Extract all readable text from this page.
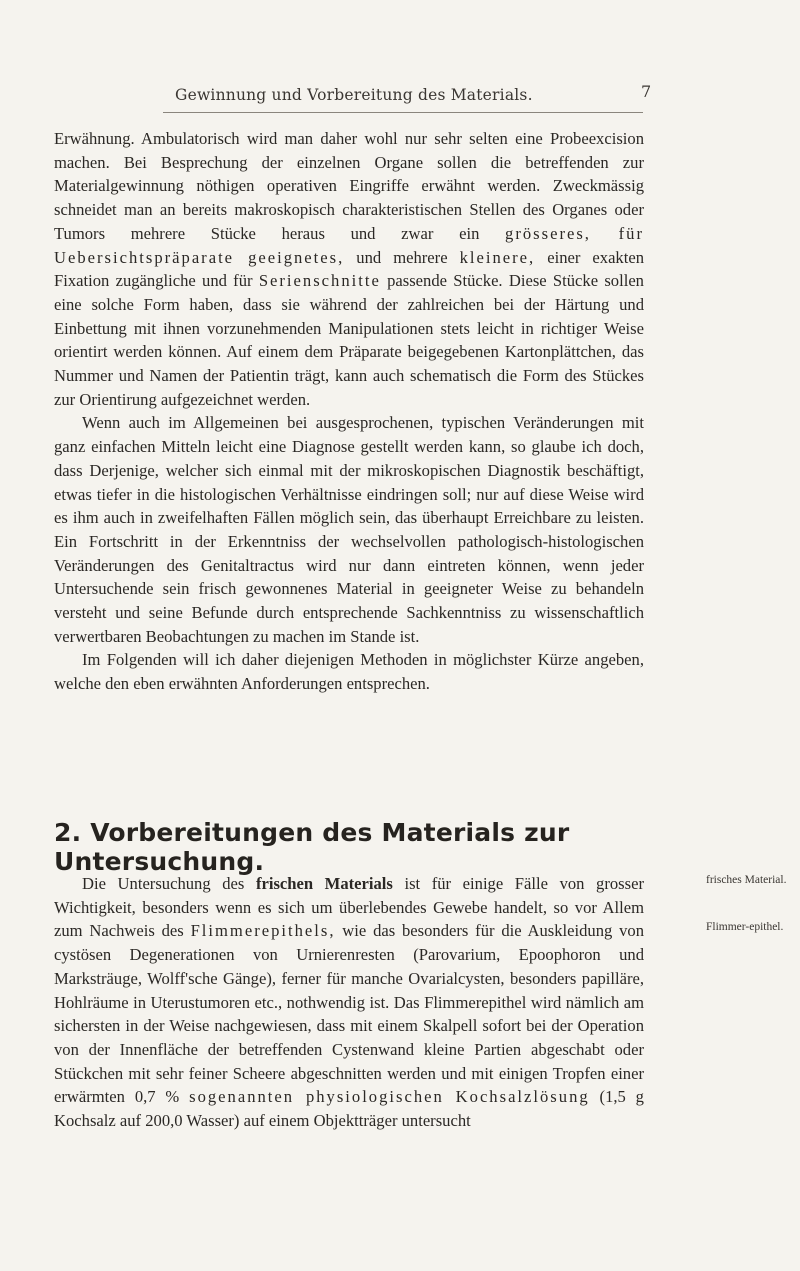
Gewinnung und Vorbereitung des Materials.	7

Erwähnung. Ambulatorisch wird man daher wohl nur sehr selten eine Probeexcision machen. Bei Besprechung der einzelnen Organe sollen die betreffenden zur Materialgewinnung nöthigen operativen Eingriffe erwähnt werden. Zweckmässig schneidet man an bereits makroskopisch charakteristischen Stellen des Organes oder Tumors mehrere Stücke heraus und zwar ein grösseres, für Uebersichtspräparate geeignetes, und mehrere kleinere, einer exakten Fixation zugängliche und für Serienschnitte passende Stücke. Diese Stücke sollen eine solche Form haben, dass sie während der zahlreichen bei der Härtung und Einbettung mit ihnen vorzunehmenden Manipulationen stets leicht in richtiger Weise orientirt werden können. Auf einem dem Präparate beigegebenen Kartonplättchen, das Nummer und Namen der Patientin trägt, kann auch schematisch die Form des Stückes zur Orientirung aufgezeichnet werden.

Wenn auch im Allgemeinen bei ausgesprochenen, typischen Veränderungen mit ganz einfachen Mitteln leicht eine Diagnose gestellt werden kann, so glaube ich doch, dass Derjenige, welcher sich einmal mit der mikroskopischen Diagnostik beschäftigt, etwas tiefer in die histologischen Verhältnisse eindringen soll; nur auf diese Weise wird es ihm auch in zweifelhaften Fällen möglich sein, das überhaupt Erreichbare zu leisten. Ein Fortschritt in der Erkenntniss der wechselvollen pathologisch-histologischen Veränderungen des Genitaltractus wird nur dann eintreten können, wenn jeder Untersuchende sein frisch gewonnenes Material in geeigneter Weise zu behandeln versteht und seine Befunde durch entsprechende Sachkenntniss zu wissenschaftlich verwertbaren Beobachtungen zu machen im Stande ist.

Im Folgenden will ich daher diejenigen Methoden in möglichster Kürze angeben, welche den eben erwähnten Anforderungen entsprechen.

2. Vorbereitungen des Materials zur Untersuchung.

Die Untersuchung des frischen Materials ist für einige Fälle von grosser Wichtigkeit, besonders wenn es sich um überlebendes Gewebe handelt, so vor Allem zum Nachweis des Flimmerepithels, wie das besonders für die Auskleidung von cystösen Degenerationen von Urnierenresten (Parovarium, Epoophoron und Marksträuge, Wolff'sche Gänge), ferner für manche Ovarialcysten, besonders papilläre, Hohlräume in Uterustumoren etc., nothwendig ist. Das Flimmerepithel wird nämlich am sichersten in der Weise nachgewiesen, dass mit einem Skalpell sofort bei der Operation von der Innenfläche der betreffenden Cystenwand kleine Partien abgeschabt oder Stückchen mit sehr feiner Scheere abgeschnitten werden und mit einigen Tropfen einer erwärmten 0,7 % sogenannten physiologischen Kochsalzlösung (1,5 g Kochsalz auf 200,0 Wasser) auf einem Objektträger untersucht

frisches Material.
Flimmer-epithel.
